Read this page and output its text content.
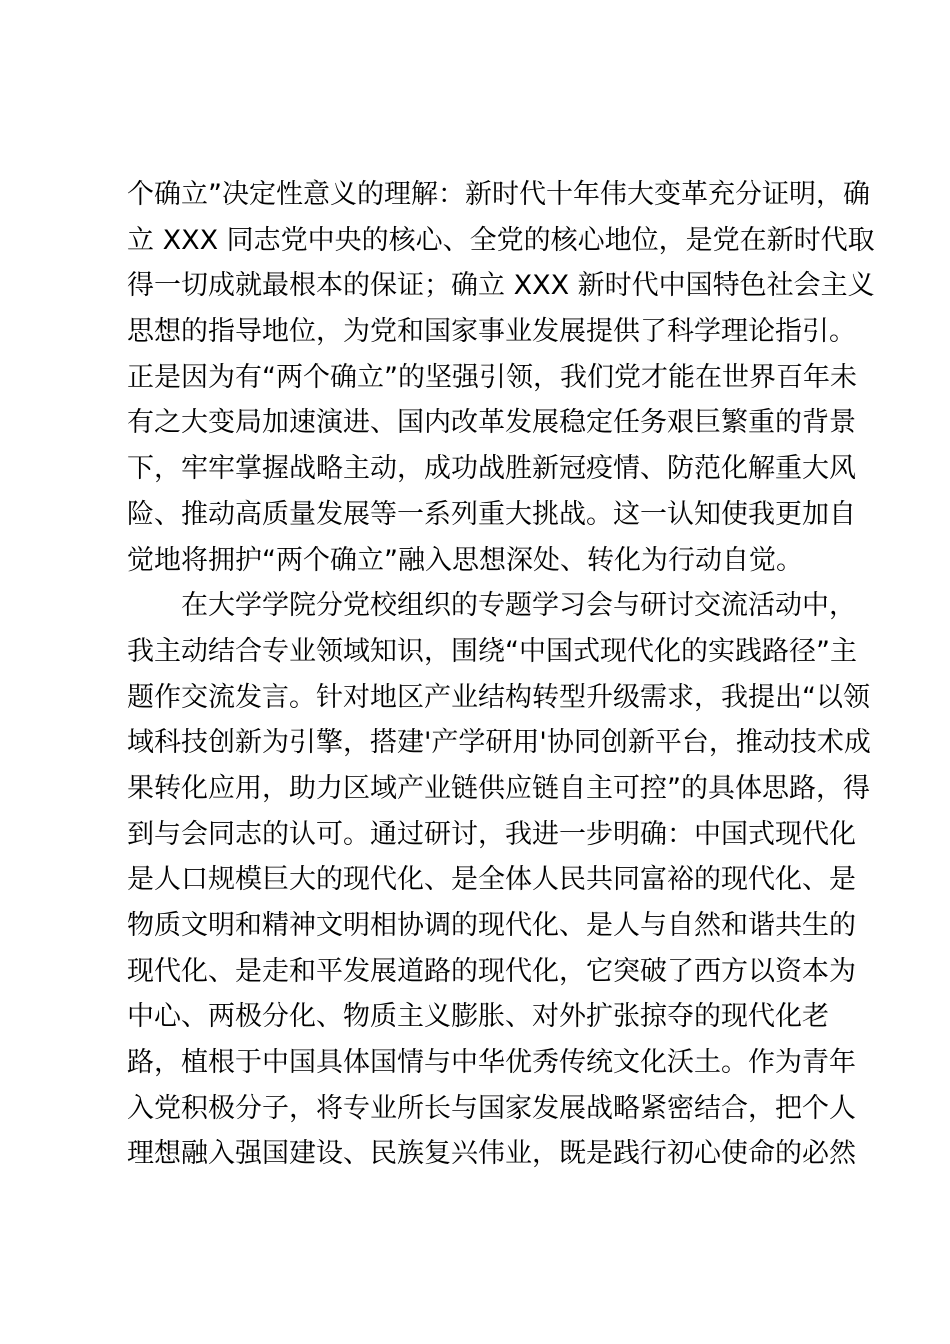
个确立”决定性意义的理解：新时代十年伟大变革充分证明，确
立 XXX 同志党中央的核心、全党的核心地位，是党在新时代取
得一切成就最根本的保证；确立 XXX 新时代中国特色社会主义
思想的指导地位，为党和国家事业发展提供了科学理论指引。
正是因为有“两个确立”的坚强引领，我们党才能在世界百年未
有之大变局加速演进、国内改革发展稳定任务艰巨繁重的背景
下，牢牢掌握战略主动，成功战胜新冠疫情、防范化解重大风
险、推动高质量发展等一系列重大挑战。这一认知使我更加自
觉地将拥护“两个确立”融入思想深处、转化为行动自觉。
　　在大学学院分党校组织的专题学习会与研讨交流活动中，
我主动结合专业领域知识，围绕“中国式现代化的实践路径”主
题作交流发言。针对地区产业结构转型升级需求，我提出“以领
域科技创新为引擎，搭建'产学研用'协同创新平台，推动技术成
果转化应用，助力区域产业链供应链自主可控”的具体思路，得
到与会同志的认可。通过研讨，我进一步明确：中国式现代化
是人口规模巨大的现代化、是全体人民共同富裕的现代化、是
物质文明和精神文明相协调的现代化、是人与自然和谐共生的
现代化、是走和平发展道路的现代化，它突破了西方以资本为
中心、两极分化、物质主义膨胀、对外扩张掠夺的现代化老
路，植根于中国具体国情与中华优秀传统文化沃土。作为青年
入党积极分子，将专业所长与国家发展战略紧密结合，把个人
理想融入强国建设、民族复兴伟业，既是践行初心使命的必然
